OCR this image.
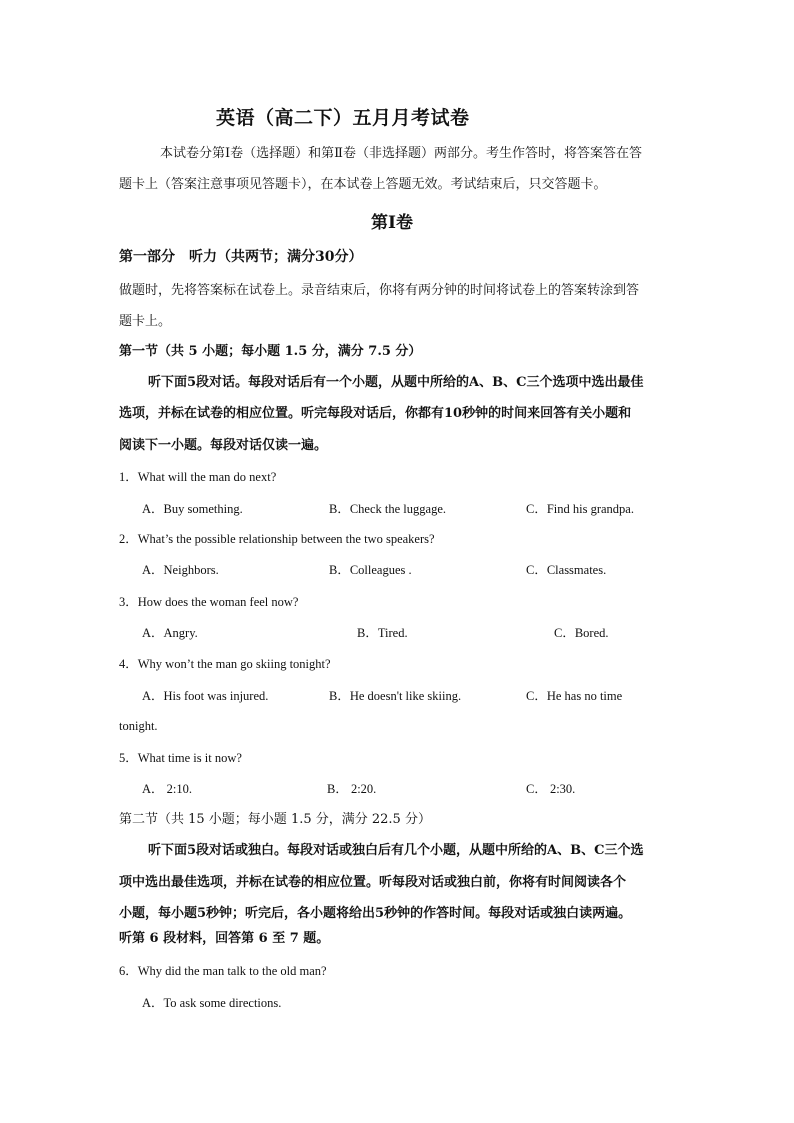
英语（高二下）五月月考试卷
本试卷分第Ⅰ卷（选择题）和第Ⅱ卷（非选择题）两部分。考生作答时，将答案答在答
题卡上（答案注意事项见答题卡），在本试卷上答题无效。考试结束后，只交答题卡。
第Ⅰ卷
第一部分　听力（共两节；满分30分）
做题时，先将答案标在试卷上。录音结束后，你将有两分钟的时间将试卷上的答案转涂到答
题卡上。
第一节（共 5 小题；每小题 1.5 分，满分 7.5 分）
听下面5段对话。每段对话后有一个小题，从题中所给的A、B、C三个选项中选出最佳
选项，并标在试卷的相应位置。听完每段对话后，你都有10秒钟的时间来回答有关小题和
阅读下一小题。每段对话仅读一遍。
1．What will the man do next?
A．Buy something.	B．Check the luggage.	C．Find his grandpa.
2．What’s the possible relationship between the two speakers?
A．Neighbors.	B．Colleagues .	C．Classmates.
3．How does the woman feel now?
A．Angry.	B．Tired.	C．Bored.
4．Why won’t the man go skiing tonight?
A．His foot was injured.	B．He doesn't like skiing.	C．He has no time
tonight.
5．What time is it now?
A． 2:10.	B． 2:20.	C． 2:30.
第二节（共 15 小题；每小题 1.5 分，满分 22.5 分）
听下面5段对话或独白。每段对话或独白后有几个小题，从题中所给的A、B、C三个选
项中选出最佳选项，并标在试卷的相应位置。听每段对话或独白前，你将有时间阅读各个
小题，每小题5秒钟；听完后，各小题将给出5秒钟的作答时间。每段对话或独白读两遍。
听第 6 段材料，回答第 6 至 7 题。
6．Why did the man talk to the old man?
A．To ask some directions.
